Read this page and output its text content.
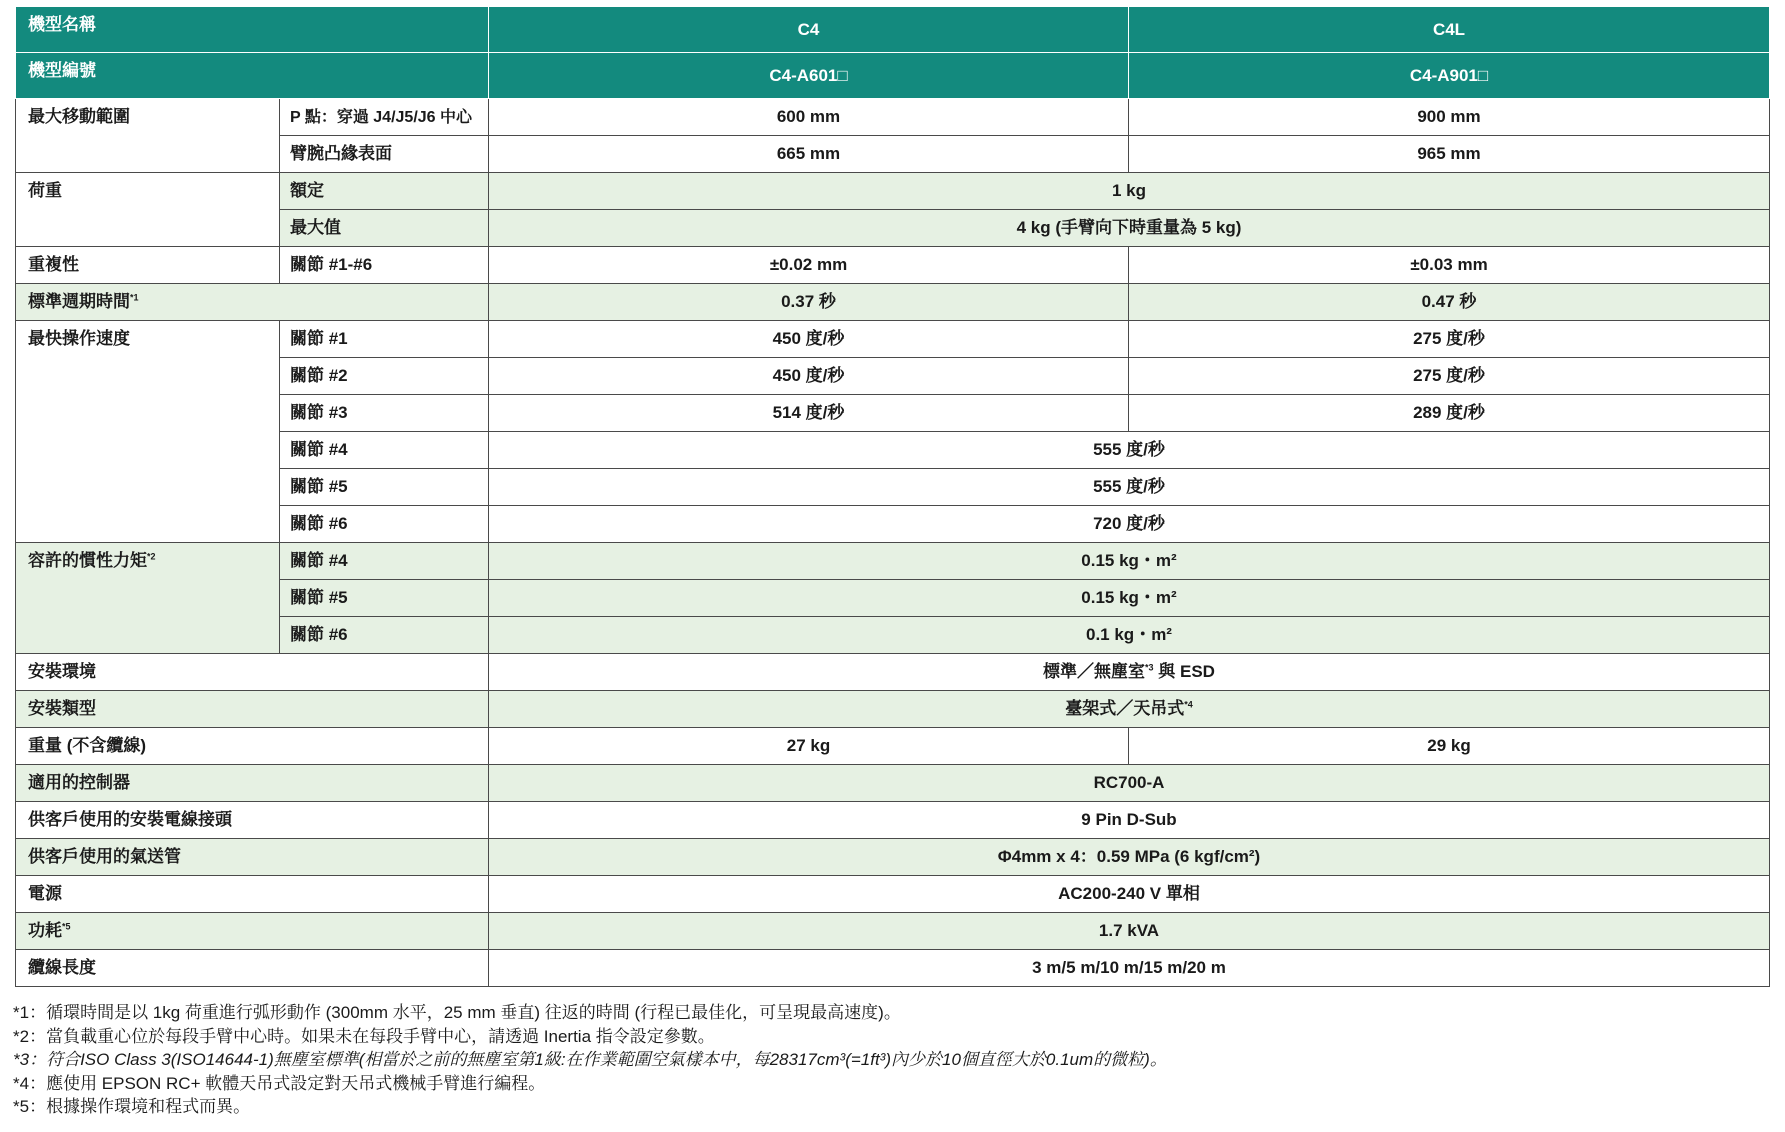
機型名稱		C4	C4L
機型編號		C4-A601□	C4-A901□
最大移動範圍	P 點：穿過 J4/J5/J6 中心	600 mm	900 mm
	臂腕凸緣表面	665 mm	965 mm
荷重	額定	1 kg	
	最大值	4 kg (手臂向下時重量為 5 kg)	
重複性	關節 #1-#6	±0.02 mm	±0.03 mm
標準週期時間$^{*1}$		0.37 秒	0.47 秒
最快操作速度	關節 #1	450 度/秒	275 度/秒
	關節 #2	450 度/秒	275 度/秒
	關節 #3	514 度/秒	289 度/秒
	關節 #4	555 度/秒	
	關節 #5	555 度/秒	
	關節 #6	720 度/秒	
容許的慣性力矩$^{*2}$	關節 #4	0.15 kg・m²	
	關節 #5	0.15 kg・m²	
	關節 #6	0.1 kg・m²	
安裝環境		標準／無塵室$^{*3}$ 與 ESD	
安裝類型		臺架式／天吊式$^{*4}$
重量 (不含纜線)		27 kg	29 kg
適用的控制器		RC700-A	
供客戶使用的安裝電線接頭		9 Pin D-Sub	
供客戶使用的氣送管		Φ4mm x 4：0.59 MPa (6 kgf/cm²)	
電源		AC200-240 V 單相	
功耗$^{*5}$		1.7 kVA	
纜線長度		3 m/5 m/10 m/15 m/20 m	
*1：循環時間是以 1kg 荷重進行弧形動作 (300mm 水平，25 mm 垂直) 往返的時間 (行程已最佳化，可呈現最高速度)。
*2：當負載重心位於每段手臂中心時。如果未在每段手臂中心，請透過 Inertia 指令設定參數。
*3：符合ISO Class 3(ISO14644-1)無塵室標準(相當於之前的無塵室第1級:在作業範圍空氣樣本中，每28317cm³(=1ft³)內少於10個直徑大於0.1um的微粒)。
*4：應使用 EPSON RC+ 軟體天吊式設定對天吊式機械手臂進行編程。
*5：根據操作環境和程式而異。
